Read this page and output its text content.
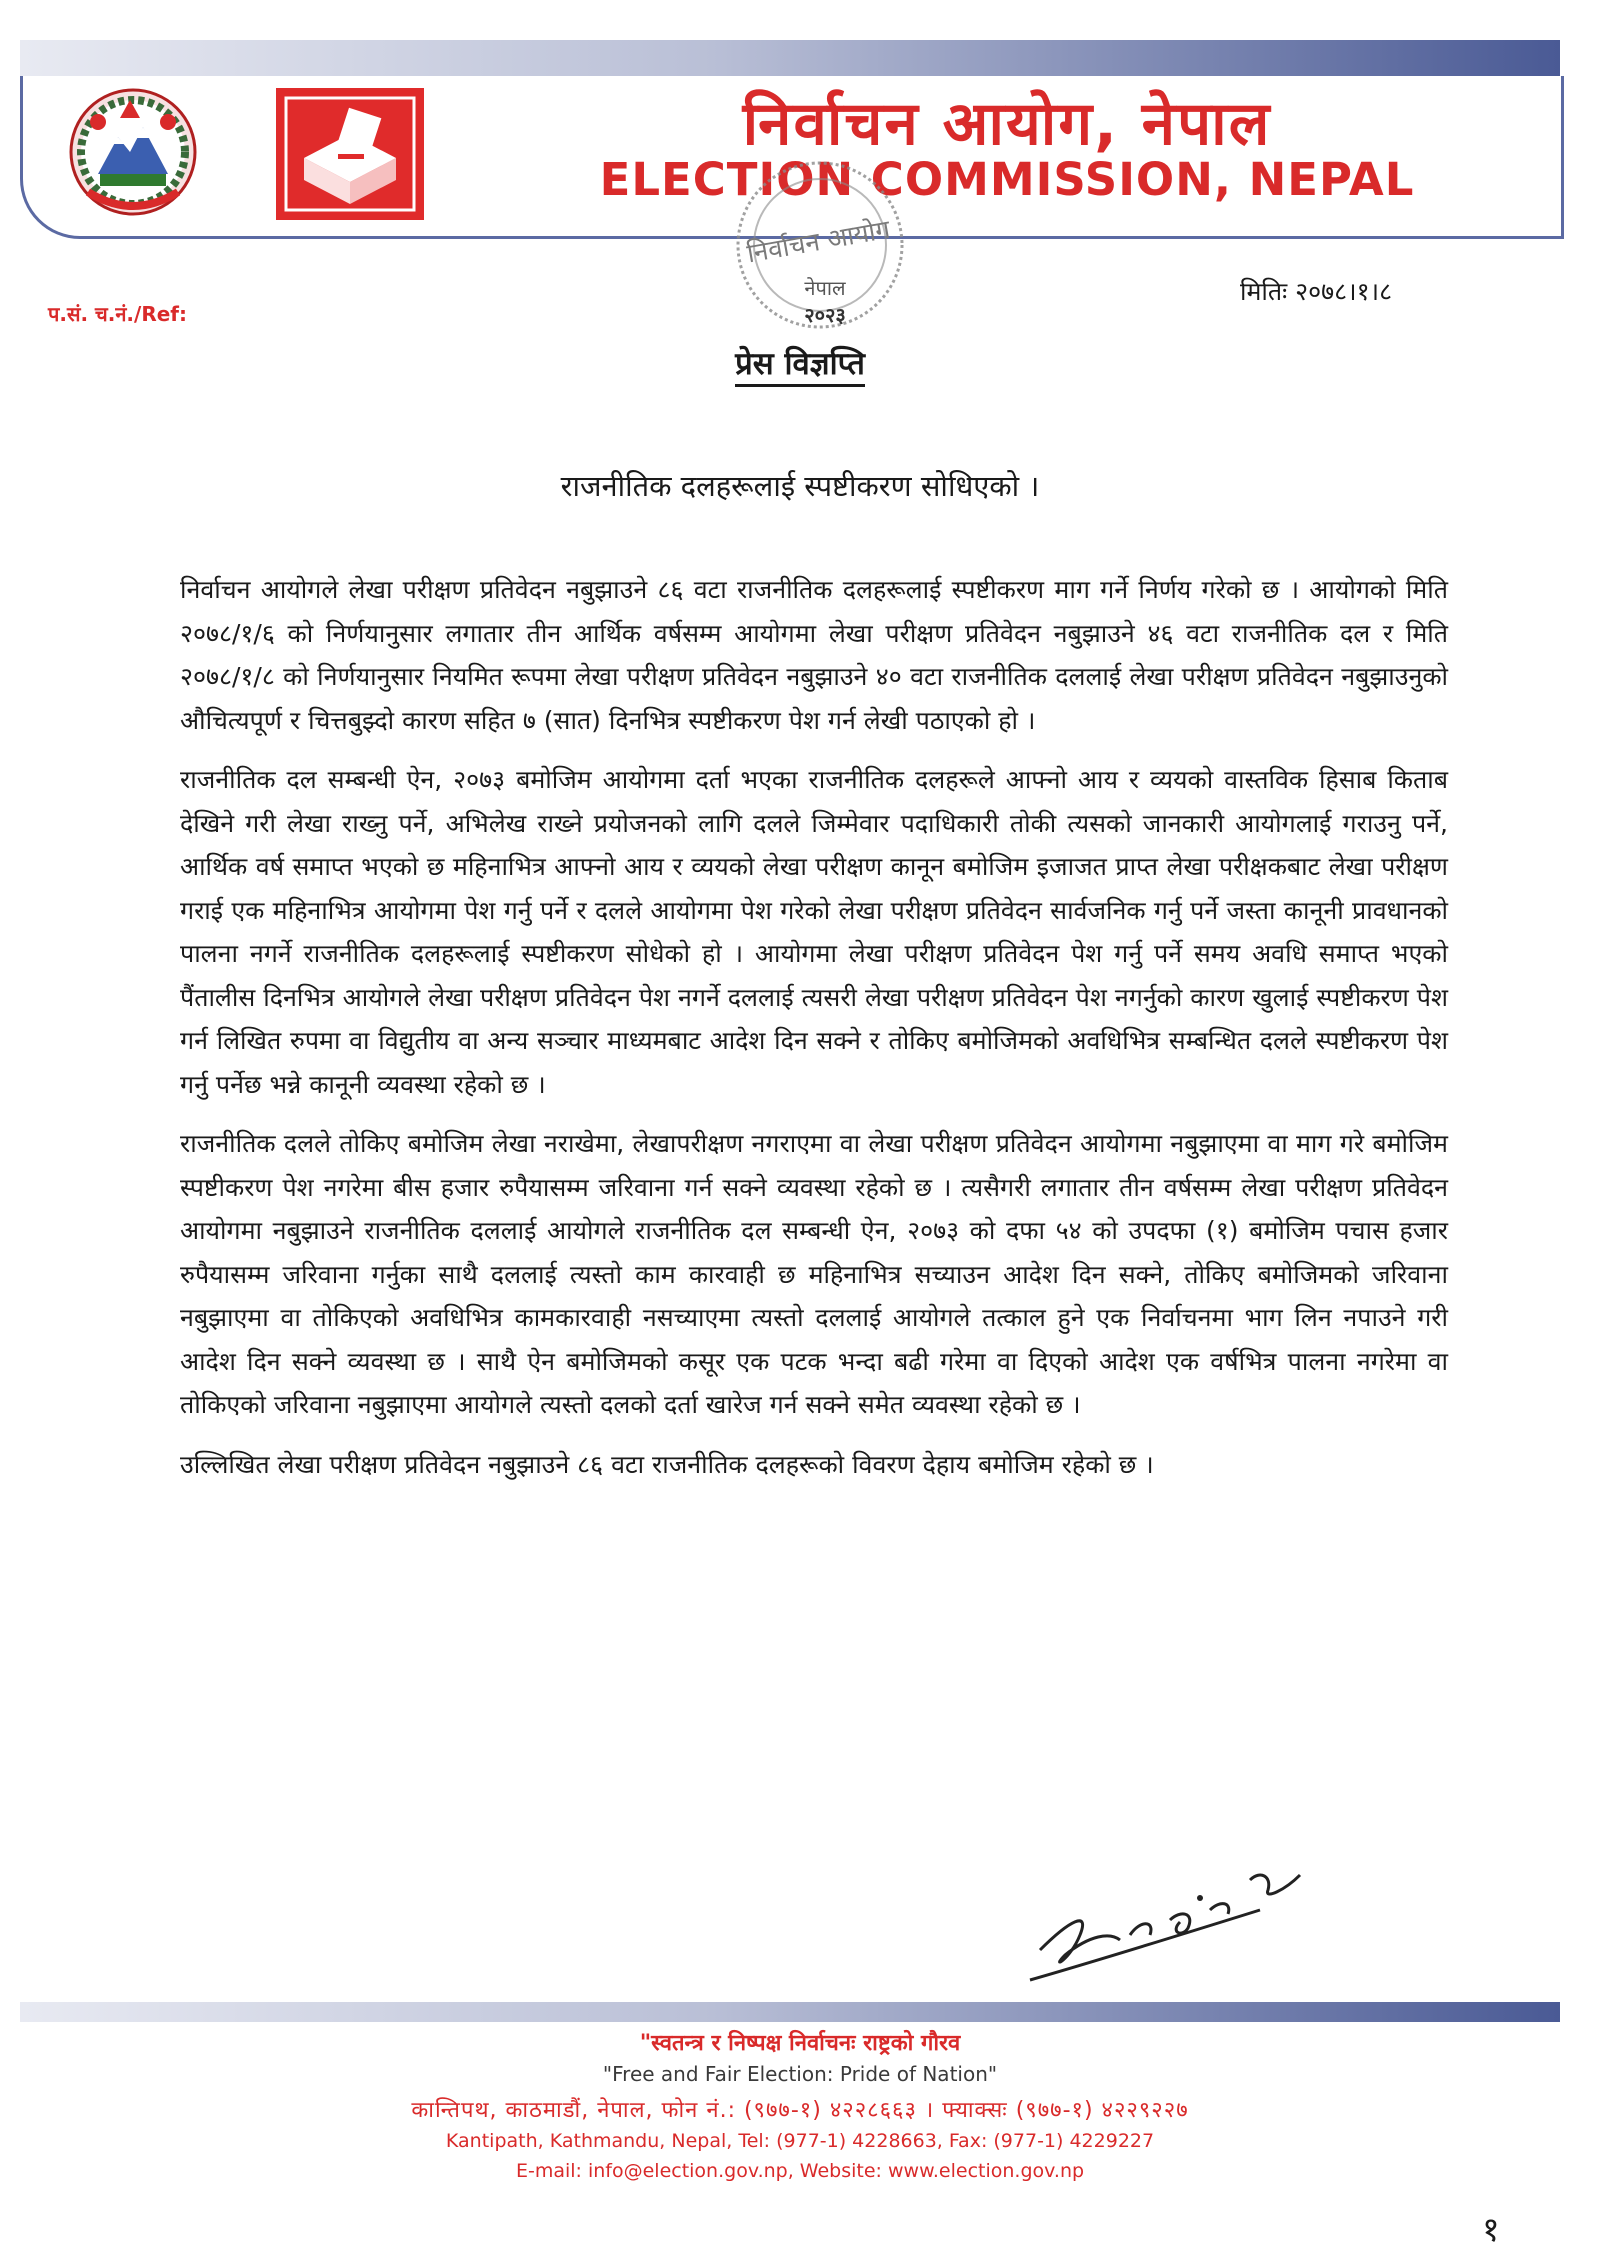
निर्वाचन आयोग, नेपाल
ELECTION COMMISSION, NEPAL
निर्वाचन आयोग
नेपाल
२०२३
प.सं. च.नं./Ref:
मितिः २०७८।१।८
प्रेस विज्ञप्ति
राजनीतिक दलहरूलाई स्पष्टीकरण सोधिएको ।

निर्वाचन आयोगले लेखा परीक्षण प्रतिवेदन नबुझाउने ८६ वटा राजनीतिक दलहरूलाई स्पष्टीकरण माग गर्ने निर्णय गरेको छ । आयोगको मिति २०७८/१/६ को निर्णयानुसार लगातार तीन आर्थिक वर्षसम्म आयोगमा लेखा परीक्षण प्रतिवेदन नबुझाउने ४६ वटा राजनीतिक दल र मिति २०७८/१/८ को निर्णयानुसार नियमित रूपमा लेखा परीक्षण प्रतिवेदन नबुझाउने ४० वटा राजनीतिक दललाई लेखा परीक्षण प्रतिवेदन नबुझाउनुको औचित्यपूर्ण र चित्तबुझ्दो कारण सहित ७ (सात) दिनभित्र स्पष्टीकरण पेश गर्न लेखी पठाएको हो ।

राजनीतिक दल सम्बन्धी ऐन, २०७३ बमोजिम आयोगमा दर्ता भएका राजनीतिक दलहरूले आफ्नो आय र व्ययको वास्तविक हिसाब किताब देखिने गरी लेखा राख्नु पर्ने, अभिलेख राख्ने प्रयोजनको लागि दलले जिम्मेवार पदाधिकारी तोकी त्यसको जानकारी आयोगलाई गराउनु पर्ने, आर्थिक वर्ष समाप्त भएको छ महिनाभित्र आफ्नो आय र व्ययको लेखा परीक्षण कानून बमोजिम इजाजत प्राप्त लेखा परीक्षकबाट लेखा परीक्षण गराई एक महिनाभित्र आयोगमा पेश गर्नु पर्ने र दलले आयोगमा पेश गरेको लेखा परीक्षण प्रतिवेदन सार्वजनिक गर्नु पर्ने जस्ता कानूनी प्रावधानको पालना नगर्ने राजनीतिक दलहरूलाई स्पष्टीकरण सोधेको हो । आयोगमा लेखा परीक्षण प्रतिवेदन पेश गर्नु पर्ने समय अवधि समाप्त भएको पैंतालीस दिनभित्र आयोगले लेखा परीक्षण प्रतिवेदन पेश नगर्ने दललाई त्यसरी लेखा परीक्षण प्रतिवेदन पेश नगर्नुको कारण खुलाई स्पष्टीकरण पेश गर्न लिखित रुपमा वा विद्युतीय वा अन्य सञ्चार माध्यमबाट आदेश दिन सक्ने र तोकिए बमोजिमको अवधिभित्र सम्बन्धित दलले स्पष्टीकरण पेश गर्नु पर्नेछ भन्ने कानूनी व्यवस्था रहेको छ ।

राजनीतिक दलले तोकिए बमोजिम लेखा नराखेमा, लेखापरीक्षण नगराएमा वा लेखा परीक्षण प्रतिवेदन आयोगमा नबुझाएमा वा माग गरे बमोजिम स्पष्टीकरण पेश नगरेमा बीस हजार रुपैयासम्म जरिवाना गर्न सक्ने व्यवस्था रहेको छ । त्यसैगरी लगातार तीन वर्षसम्म लेखा परीक्षण प्रतिवेदन आयोगमा नबुझाउने राजनीतिक दललाई आयोगले राजनीतिक दल सम्बन्धी ऐन, २०७३ को दफा ५४ को उपदफा (१) बमोजिम पचास हजार रुपैयासम्म जरिवाना गर्नुका साथै दललाई त्यस्तो काम कारवाही छ महिनाभित्र सच्याउन आदेश दिन सक्ने, तोकिए बमोजिमको जरिवाना नबुझाएमा वा तोकिएको अवधिभित्र कामकारवाही नसच्याएमा त्यस्तो दललाई आयोगले तत्काल हुने एक निर्वाचनमा भाग लिन नपाउने गरी आदेश दिन सक्ने व्यवस्था छ । साथै ऐन बमोजिमको कसूर एक पटक भन्दा बढी गरेमा वा दिएको आदेश एक वर्षभित्र पालना नगरेमा वा तोकिएको जरिवाना नबुझाएमा आयोगले त्यस्तो दलको दर्ता खारेज गर्न सक्ने समेत व्यवस्था रहेको छ ।

उल्लिखित लेखा परीक्षण प्रतिवेदन नबुझाउने ८६ वटा राजनीतिक दलहरूको विवरण देहाय बमोजिम रहेको छ ।

"स्वतन्त्र र निष्पक्ष निर्वाचनः राष्ट्रको गौरव
"Free and Fair Election: Pride of Nation"
कान्तिपथ, काठमाडौं, नेपाल, फोन नं.: (९७७-१) ४२२८६६३ । फ्याक्सः (९७७-१) ४२२९२२७
Kantipath, Kathmandu, Nepal, Tel: (977-1) 4228663, Fax: (977-1) 4229227
E-mail: info@election.gov.np, Website: www.election.gov.np
१
